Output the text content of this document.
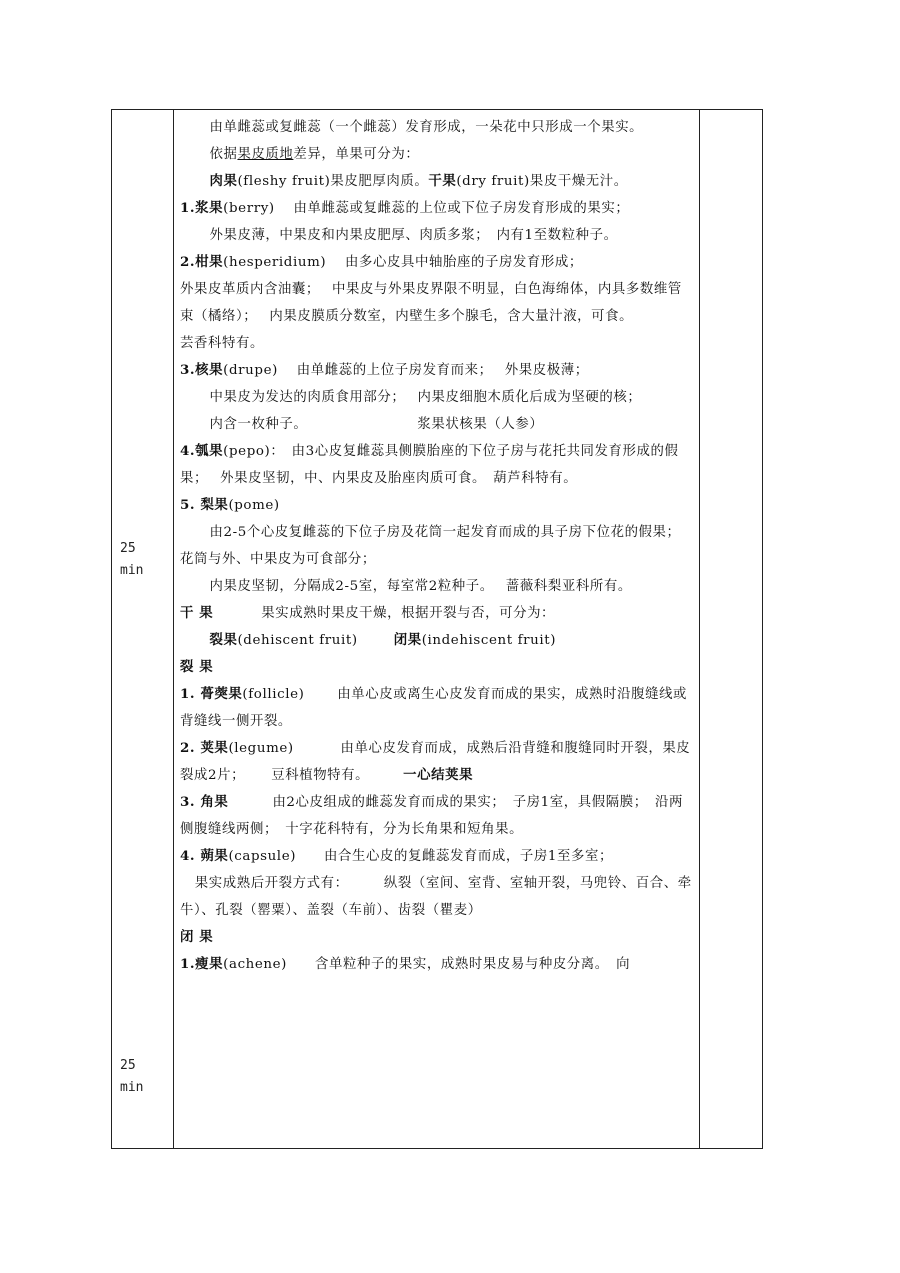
25
min
25
min

由单雌蕊或复雌蕊（一个雌蕊）发育形成，一朵花中只形成一个果实。

依据果皮质地差异，单果可分为：

肉果(fleshy fruit)果皮肥厚肉质。干果(dry fruit)果皮干燥无汁。

1.浆果(berry)　 由单雌蕊或复雌蕊的上位或下位子房发育形成的果实；

外果皮薄，中果皮和内果皮肥厚、肉质多浆；　内有1至数粒种子。

2.柑果(hesperidium)　 由多心皮具中轴胎座的子房发育形成；

外果皮革质内含油囊；　 中果皮与外果皮界限不明显，白色海绵体，内具多数维管束（橘络）；　 内果皮膜质分数室，内壁生多个腺毛，含大量汁液，可食。　　　　芸香科特有。

3.核果(drupe)　 由单雌蕊的上位子房发育而来；　 外果皮极薄；

中果皮为发达的肉质食用部分；　 内果皮细胞木质化后成为坚硬的核；

内含一枚种子。	浆果状核果（人参）

4.瓠果(pepo)：　由3心皮复雌蕊具侧膜胎座的下位子房与花托共同发育形成的假果；　 外果皮坚韧，中、内果皮及胎座肉质可食。　葫芦科特有。

5. 梨果(pome)

由2-5个心皮复雌蕊的下位子房及花筒一起发育而成的具子房下位花的假果；　　花筒与外、中果皮为可食部分；

内果皮坚韧，分隔成2-5室，每室常2粒种子。　 蔷薇科梨亚科所有。

干 果	果实成熟时果皮干燥，根据开裂与否，可分为：

裂果(dehiscent fruit)	闭果(indehiscent fruit)

裂 果

1. 蓇葖果(follicle)　　 由单心皮或离生心皮发育而成的果实，成熟时沿腹缝线或背缝线一侧开裂。

2. 荚果(legume)　　　 由单心皮发育而成，成熟后沿背缝和腹缝同时开裂，果皮裂成2片；　　 豆科植物特有。	一心结荚果

3. 角果	由2心皮组成的雌蕊发育而成的果实；　子房1室，具假隔膜；　沿两侧腹缝线两侧；　十字花科特有，分为长角果和短角果。

4. 蒴果(capsule)　　由合生心皮的复雌蕊发育而成，子房1至多室；

果实成熟后开裂方式有：　　　纵裂（室间、室背、室轴开裂，马兜铃、百合、牵牛）、孔裂（罂粟）、盖裂（车前）、齿裂（瞿麦）

闭 果

1.瘦果(achene)　　含单粒种子的果实，成熟时果皮易与种皮分离。　向
